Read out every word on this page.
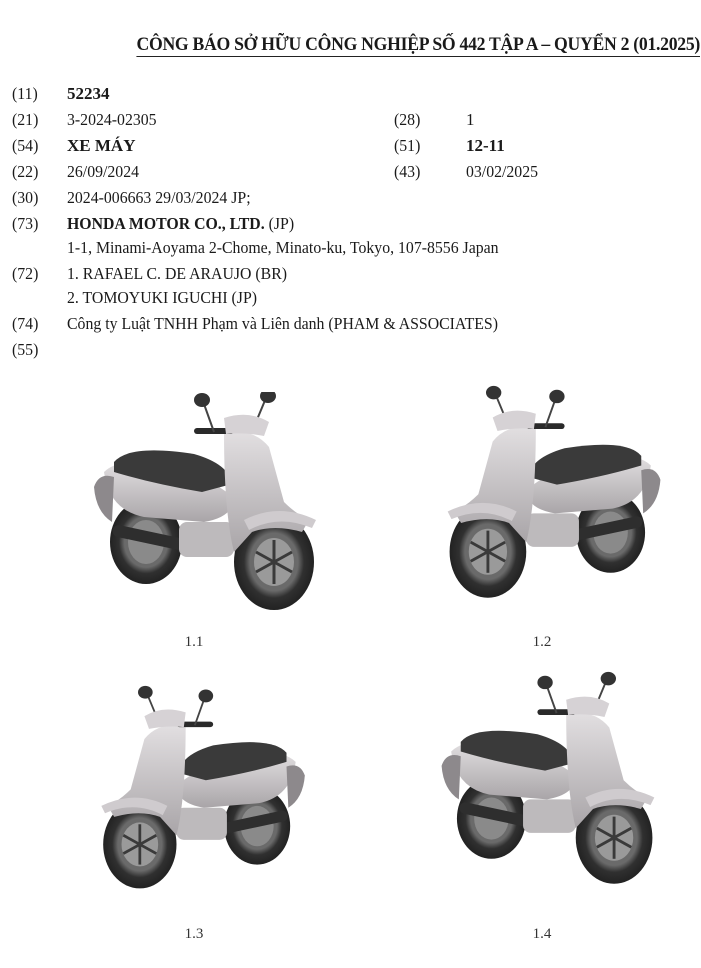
CÔNG BÁO SỞ HỮU CÔNG NGHIỆP SỐ 442 TẬP A – QUYỂN 2 (01.2025)
(11)	52234
(21)	3-2024-02305	(28)	1
(54)	XE MÁY	(51)	12-11
(22)	26/09/2024	(43)	03/02/2025
(30)	2024-006663 29/03/2024 JP;
(73)	HONDA MOTOR CO., LTD. (JP)
1-1, Minami-Aoyama 2-Chome, Minato-ku, Tokyo, 107-8556 Japan
(72)	1. RAFAEL C. DE ARAUJO (BR)
2. TOMOYUKI IGUCHI (JP)
(74)	Công ty Luật TNHH Phạm và Liên danh (PHAM & ASSOCIATES)
(55)
1.1	1.2
1.3	1.4
